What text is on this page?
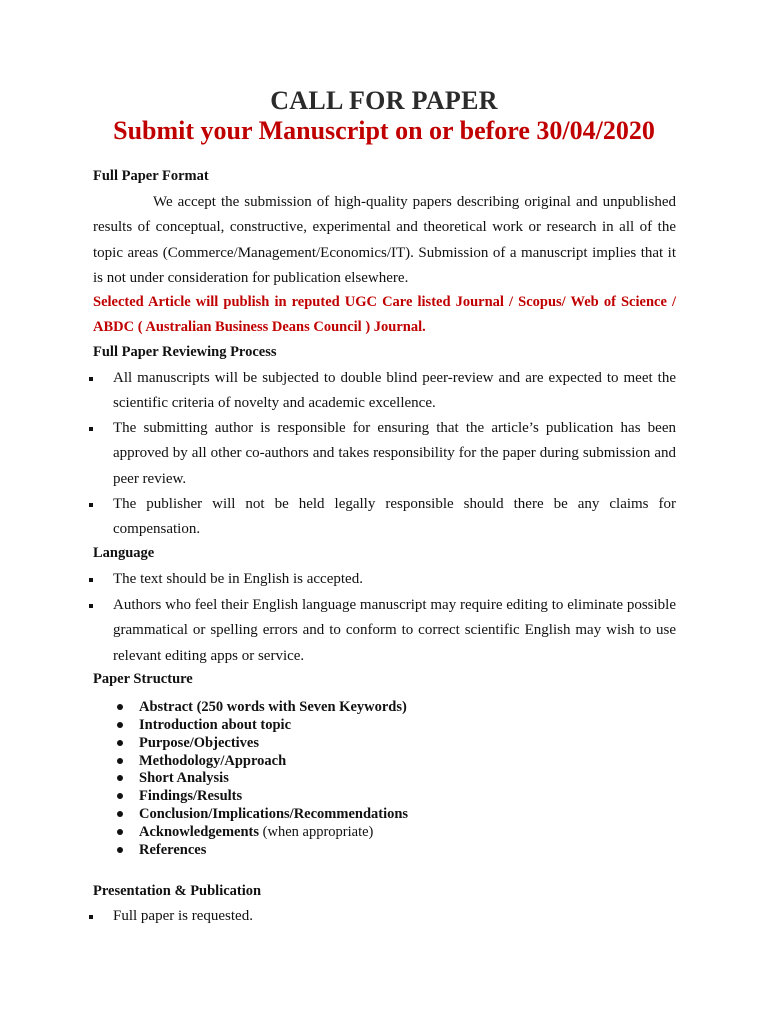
CALL FOR PAPER
Submit your Manuscript on or before 30/04/2020
Full Paper Format
We accept the submission of high-quality papers describing original and unpublished results of conceptual, constructive, experimental and theoretical work or research in all of the topic areas (Commerce/Management/Economics/IT). Submission of a manuscript implies that it is not under consideration for publication elsewhere.
Selected Article will publish in reputed UGC Care listed Journal / Scopus/ Web of Science / ABDC ( Australian Business Deans Council ) Journal.
Full Paper Reviewing Process
All manuscripts will be subjected to double blind peer-review and are expected to meet the scientific criteria of novelty and academic excellence.
The submitting author is responsible for ensuring that the article’s publication has been approved by all other co-authors and takes responsibility for the paper during submission and peer review.
The publisher will not be held legally responsible should there be any claims for compensation.
Language
The text should be in English is accepted.
Authors who feel their English language manuscript may require editing to eliminate possible grammatical or spelling errors and to conform to correct scientific English may wish to use relevant editing apps or service.
Paper Structure
Abstract (250 words with Seven Keywords)
Introduction about topic
Purpose/Objectives
Methodology/Approach
Short Analysis
Findings/Results
Conclusion/Implications/Recommendations
Acknowledgements (when appropriate)
References
Presentation & Publication
Full paper is requested.
